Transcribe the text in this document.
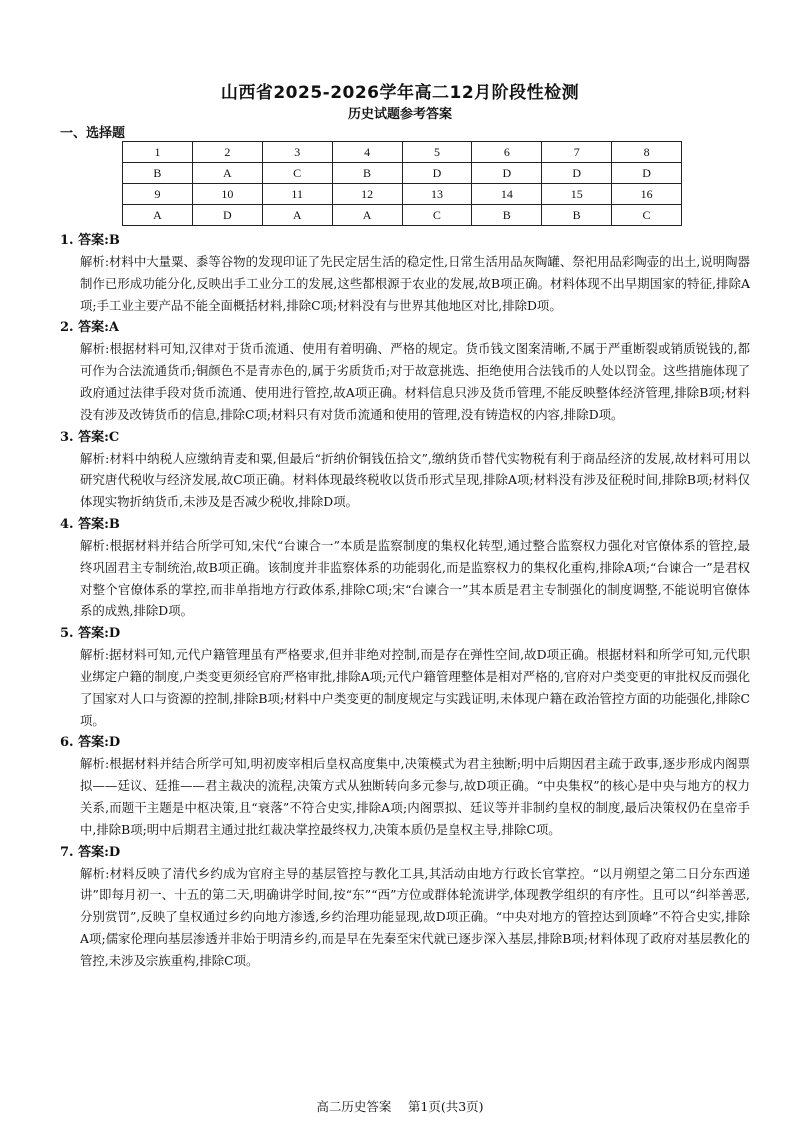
山西省2025-2026学年高二12月阶段性检测
历史试题参考答案
一、选择题
1	2	3	4	5	6	7	8
B	A	C	B	D	D	D	D
9	10	11	12	13	14	15	16
A	D	A	A	C	B	B	C
1. 答案:B
解析:材料中大量粟、黍等谷物的发现印证了先民定居生活的稳定性,日常生活用品灰陶罐、祭祀用品彩陶壶的出土,说明陶器制作已形成功能分化,反映出手工业分工的发展,这些都根源于农业的发展,故B项正确。材料体现不出早期国家的特征,排除A项;手工业主要产品不能全面概括材料,排除C项;材料没有与世界其他地区对比,排除D项。
2. 答案:A
解析:根据材料可知,汉律对于货币流通、使用有着明确、严格的规定。货币钱文图案清晰,不属于严重断裂或销质锐钱的,都可作为合法流通货币;铜颜色不是青赤色的,属于劣质货币;对于故意挑选、拒绝使用合法钱币的人处以罚金。这些措施体现了政府通过法律手段对货币流通、使用进行管控,故A项正确。材料信息只涉及货币管理,不能反映整体经济管理,排除B项;材料没有涉及改铸货币的信息,排除C项;材料只有对货币流通和使用的管理,没有铸造权的内容,排除D项。
3. 答案:C
解析:材料中纳税人应缴纳青麦和粟,但最后“折纳价铜钱伍拾文”,缴纳货币替代实物税有利于商品经济的发展,故材料可用以研究唐代税收与经济发展,故C项正确。材料体现最终税收以货币形式呈现,排除A项;材料没有涉及征税时间,排除B项;材料仅体现实物折纳货币,未涉及是否减少税收,排除D项。
4. 答案:B
解析:根据材料并结合所学可知,宋代“台谏合一”本质是监察制度的集权化转型,通过整合监察权力强化对官僚体系的管控,最终巩固君主专制统治,故B项正确。该制度并非监察体系的功能弱化,而是监察权力的集权化重构,排除A项;“台谏合一”是君权对整个官僚体系的掌控,而非单指地方行政体系,排除C项;宋“台谏合一”其本质是君主专制强化的制度调整,不能说明官僚体系的成熟,排除D项。
5. 答案:D
解析:据材料可知,元代户籍管理虽有严格要求,但并非绝对控制,而是存在弹性空间,故D项正确。根据材料和所学可知,元代职业绑定户籍的制度,户类变更须经官府严格审批,排除A项;元代户籍管理整体是相对严格的,官府对户类变更的审批权反而强化了国家对人口与资源的控制,排除B项;材料中户类变更的制度规定与实践证明,未体现户籍在政治管控方面的功能强化,排除C项。
6. 答案:D
解析:根据材料并结合所学可知,明初废宰相后皇权高度集中,决策模式为君主独断;明中后期因君主疏于政事,逐步形成内阁票拟——廷议、廷推——君主裁决的流程,决策方式从独断转向多元参与,故D项正确。“中央集权”的核心是中央与地方的权力关系,而题干主题是中枢决策,且“衰落”不符合史实,排除A项;内阁票拟、廷议等并非制约皇权的制度,最后决策权仍在皇帝手中,排除B项;明中后期君主通过批红裁决掌控最终权力,决策本质仍是皇权主导,排除C项。
7. 答案:D
解析:材料反映了清代乡约成为官府主导的基层管控与教化工具,其活动由地方行政长官掌控。“以月朔望之第二日分东西递讲”即每月初一、十五的第二天,明确讲学时间,按“东”“西”方位或群体轮流讲学,体现教学组织的有序性。且可以“纠举善恶,分别赏罚”,反映了皇权通过乡约向地方渗透,乡约治理功能显现,故D项正确。“中央对地方的管控达到顶峰”不符合史实,排除A项;儒家伦理向基层渗透并非始于明清乡约,而是早在先秦至宋代就已逐步深入基层,排除B项;材料体现了政府对基层教化的管控,未涉及宗族重构,排除C项。
高二历史答案　 第1页(共3页)
